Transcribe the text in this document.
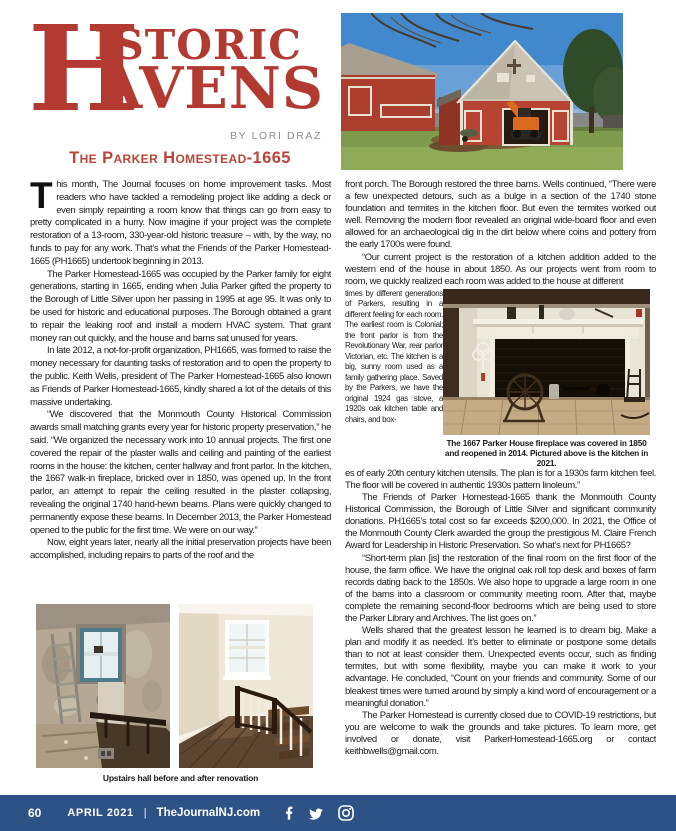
H
ISTORIC
AVENS
BY LORI DRAZ
The Parker Homestead-1665

This month, The Journal focuses on home improvement tasks. Most readers who have tackled a remodeling project like adding a deck or even simply repainting a room know that things can go from easy to pretty complicated in a hurry. Now imagine if your project was the complete restoration of a 13-room, 330-year-old historic treasure – with, by the way, no funds to pay for any work. That’s what the Friends of the Parker Homestead-1665 (PH1665) undertook beginning in 2013.

The Parker Homestead-1665 was occupied by the Parker family for eight generations, starting in 1665, ending when Julia Parker gifted the property to the Borough of Little Silver upon her passing in 1995 at age 95. It was only to be used for historic and educational purposes. The Borough obtained a grant to repair the leaking roof and install a modern HVAC system. That grant money ran out quickly, and the house and barns sat unused for years.

In late 2012, a not-for-profit organization, PH1665, was formed to raise the money necessary for daunting tasks of restoration and to open the property to the public. Keith Wells, president of The Parker Homestead-1665 also known as Friends of Parker Homestead-1665, kindly shared a lot of the details of this massive undertaking.

“We discovered that the Monmouth County Historical Commission awards small matching grants every year for historic property preservation,” he said. “We organized the necessary work into 10 annual projects. The first one covered the repair of the plaster walls and ceiling and painting of the earliest rooms in the house: the kitchen, center hallway and front parlor. In the kitchen, the 1667 walk-in fireplace, bricked over in 1850, was opened up. In the front parlor, an attempt to repair the ceiling resulted in the plaster collapsing, revealing the original 1740 hand-hewn beams. Plans were quickly changed to permanently expose these beams. In December 2013, the Parker Homestead opened to the public for the first time. We were on our way.”

Now, eight years later, nearly all the initial preservation projects have been accomplished, including repairs to parts of the roof and the

Upstairs hall before and after renovation

front porch. The Borough restored the three barns. Wells continued, “There were a few unexpected detours, such as a bulge in a section of the 1740 stone foundation and termites in the kitchen floor. But even the termites worked out well. Removing the modern floor revealed an original wide-board floor and even allowed for an archaeological dig in the dirt below where coins and pottery from the early 1700s were found.

“Our current project is the restoration of a kitchen addition added to the western end of the house in about 1850. As our projects went from room to room, we quickly realized each room was added to the house at different

times by different generations of Parkers, resulting in a different feeling for each room. The earliest room is Colonial; the front parlor is from the Revolutionary War, rear parlor Victorian, etc. The kitchen is a big, sunny room used as a family gathering place. Saved by the Parkers, we have the original 1924 gas stove, a 1920s oak kitchen table and chairs, and box-

The 1667 Parker House fireplace was covered in 1850 and reopened in 2014. Pictured above is the kitchen in 2021.

es of early 20th century kitchen utensils. The plan is for a 1930s farm kitchen feel. The floor will be covered in authentic 1930s pattern linoleum.”

The Friends of Parker Homestead-1665 thank the Monmouth County Historical Commission, the Borough of Little Silver and significant community donations. PH1665’s total cost so far exceeds $200,000. In 2021, the Office of the Monmouth County Clerk awarded the group the prestigious M. Claire French Award for Leadership in Historic Preservation. So what’s next for PH1665?

“Short-term plan [is] the restoration of the final room on the first floor of the house, the farm office. We have the original oak roll top desk and boxes of farm records dating back to the 1850s. We also hope to upgrade a large room in one of the barns into a classroom or community meeting room. After that, maybe complete the remaining second-floor bedrooms which are being used to store the Parker Library and Archives. The list goes on.”

Wells shared that the greatest lesson he learned is to dream big. Make a plan and modify it as needed. It’s better to eliminate or postpone some details than to not at least consider them. Unexpected events occur, such as finding termites, but with some flexibility, maybe you can make it work to your advantage. He concluded, “Count on your friends and community. Some of our bleakest times were turned around by simply a kind word of encouragement or a meaningful donation.”

The Parker Homestead is currently closed due to COVID-19 restrictions, but you are welcome to walk the grounds and take pictures. To learn more, get involved or donate, visit ParkerHomestead-1665.org or contact keithbwells@gmail.com.

60 APRIL 2021 | TheJournalNJ.com
